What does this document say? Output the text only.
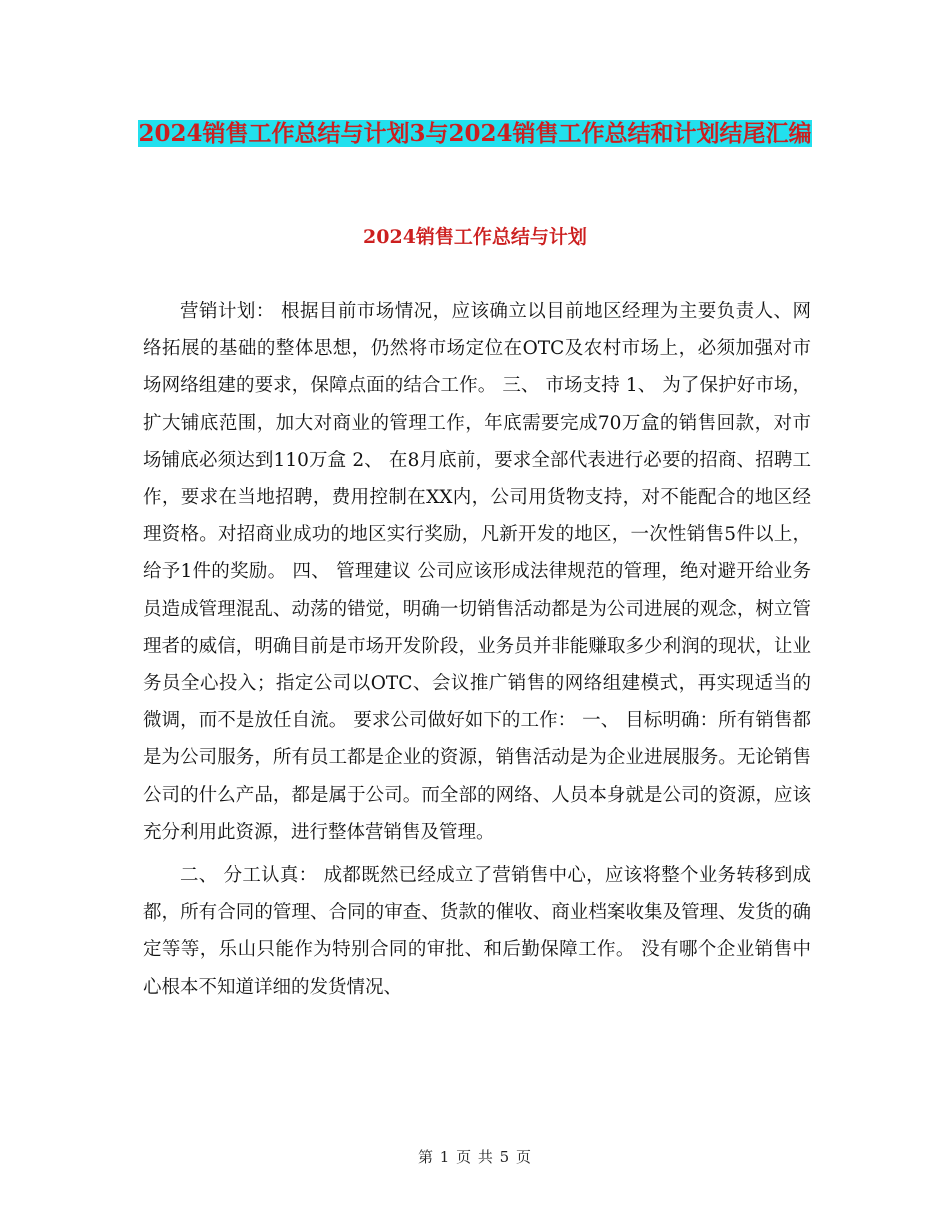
2024销售工作总结与计划3与2024销售工作总结和计划结尾汇编
2024销售工作总结与计划

营销计划： 根据目前市场情况，应该确立以目前地区经理为主要负责人、网络拓展的基础的整体思想，仍然将市场定位在OTC及农村市场上，必须加强对市场网络组建的要求，保障点面的结合工作。 三、 市场支持 1、 为了保护好市场，扩大铺底范围，加大对商业的管理工作，年底需要完成70万盒的销售回款，对市场铺底必须达到110万盒 2、 在8月底前，要求全部代表进行必要的招商、招聘工作，要求在当地招聘，费用控制在XX内，公司用货物支持，对不能配合的地区经理资格。对招商业成功的地区实行奖励，凡新开发的地区，一次性销售5件以上，给予1件的奖励。 四、 管理建议 公司应该形成法律规范的管理，绝对避开给业务员造成管理混乱、动荡的错觉，明确一切销售活动都是为公司进展的观念，树立管理者的威信，明确目前是市场开发阶段，业务员并非能赚取多少利润的现状，让业务员全心投入；指定公司以OTC、会议推广销售的网络组建模式，再实现适当的微调，而不是放任自流。 要求公司做好如下的工作： 一、 目标明确：所有销售都是为公司服务，所有员工都是企业的资源，销售活动是为企业进展服务。无论销售公司的什么产品，都是属于公司。而全部的网络、人员本身就是公司的资源，应该充分利用此资源，进行整体营销售及管理。

二、 分工认真： 成都既然已经成立了营销售中心，应该将整个业务转移到成都，所有合同的管理、合同的审查、货款的催收、商业档案收集及管理、发货的确定等等，乐山只能作为特别合同的审批、和后勤保障工作。 没有哪个企业销售中心根本不知道详细的发货情况、

第 1 页 共 5 页
